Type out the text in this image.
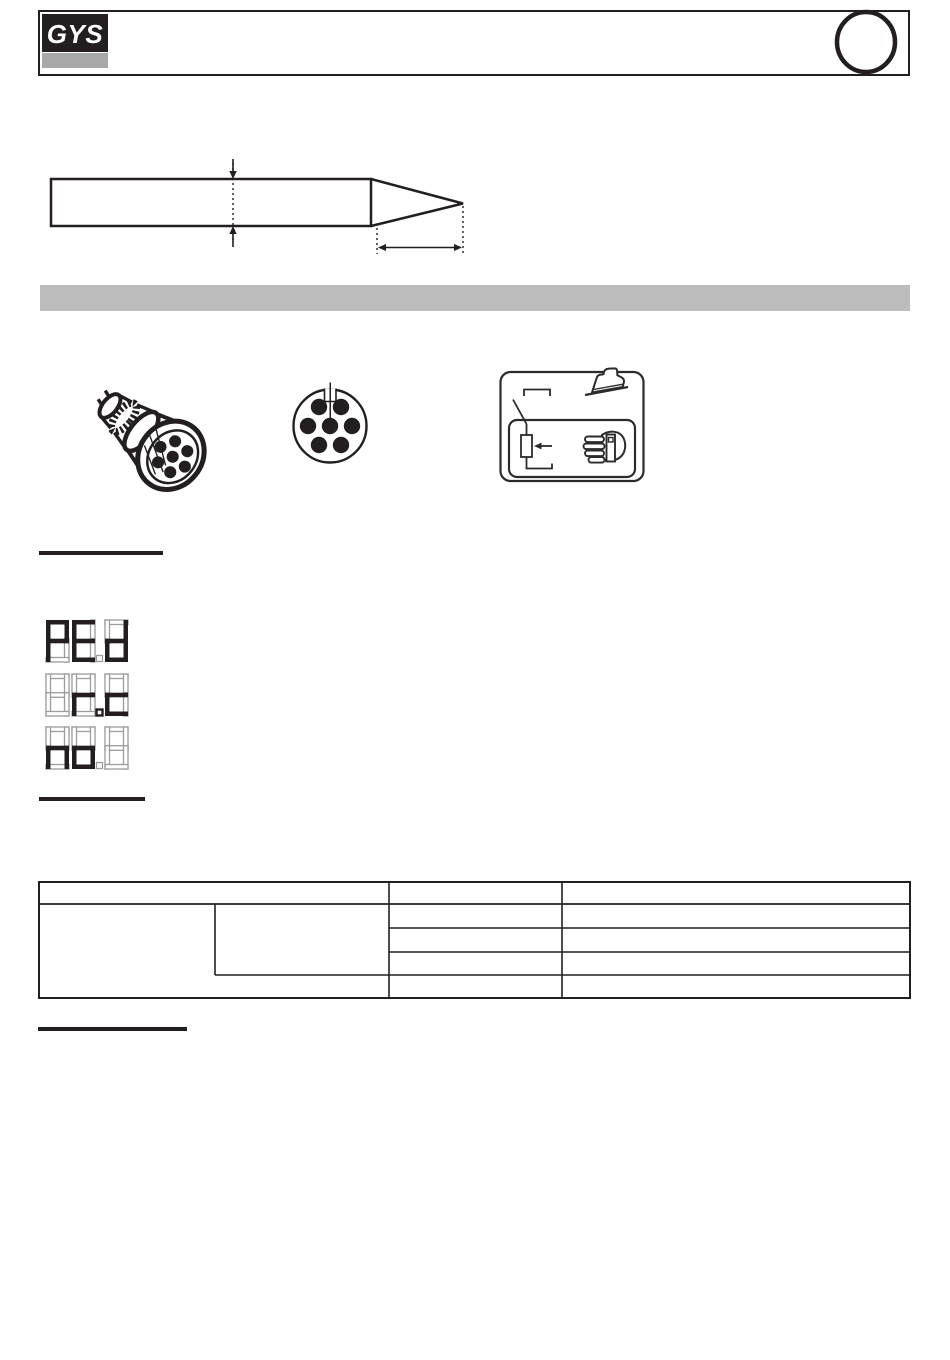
GYS
